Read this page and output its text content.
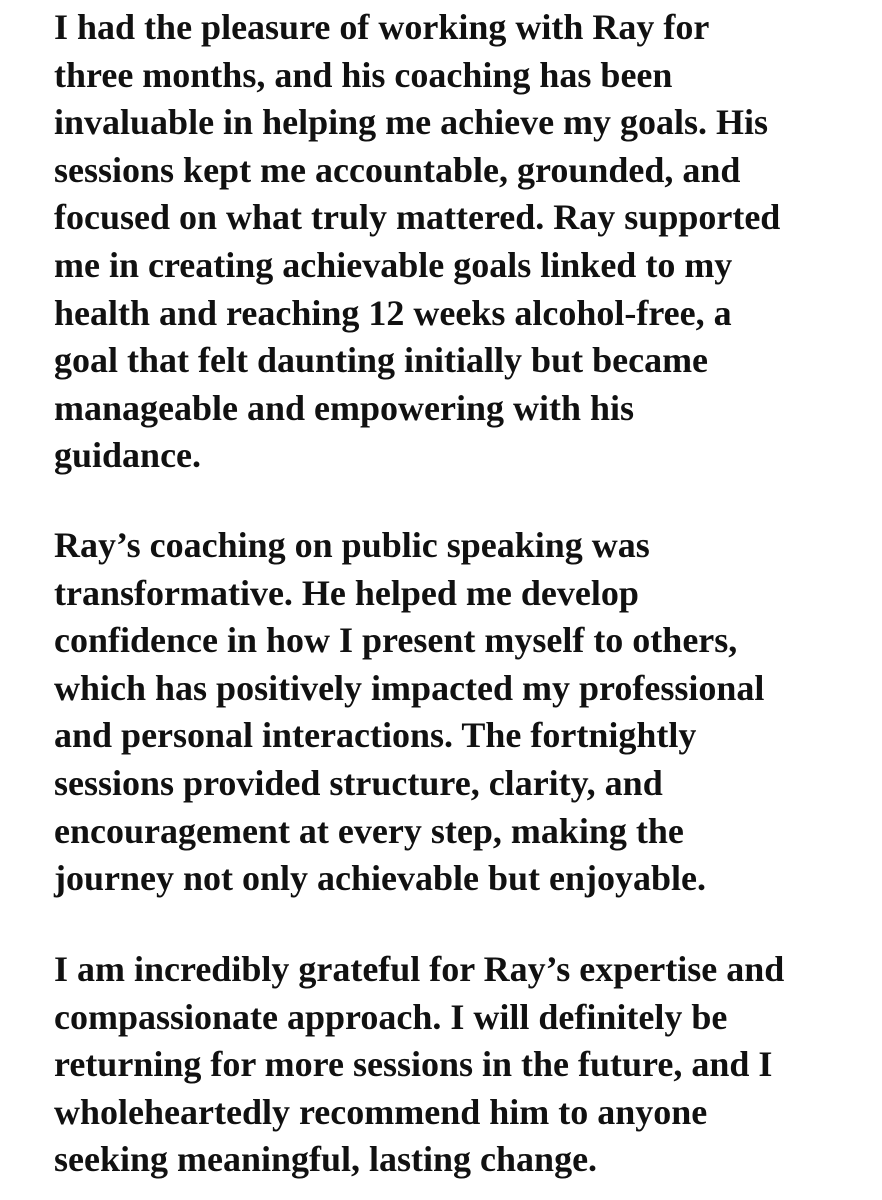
I had the pleasure of working with Ray for
three months, and his coaching has been
invaluable in helping me achieve my goals. His
sessions kept me accountable, grounded, and
focused on what truly mattered. Ray supported
me in creating achievable goals linked to my
health and reaching 12 weeks alcohol-free, a
goal that felt daunting initially but became
manageable and empowering with his
guidance.

Ray’s coaching on public speaking was
transformative. He helped me develop
confidence in how I present myself to others,
which has positively impacted my professional
and personal interactions. The fortnightly
sessions provided structure, clarity, and
encouragement at every step, making the
journey not only achievable but enjoyable.

I am incredibly grateful for Ray’s expertise and
compassionate approach. I will definitely be
returning for more sessions in the future, and I
wholeheartedly recommend him to anyone
seeking meaningful, lasting change.
